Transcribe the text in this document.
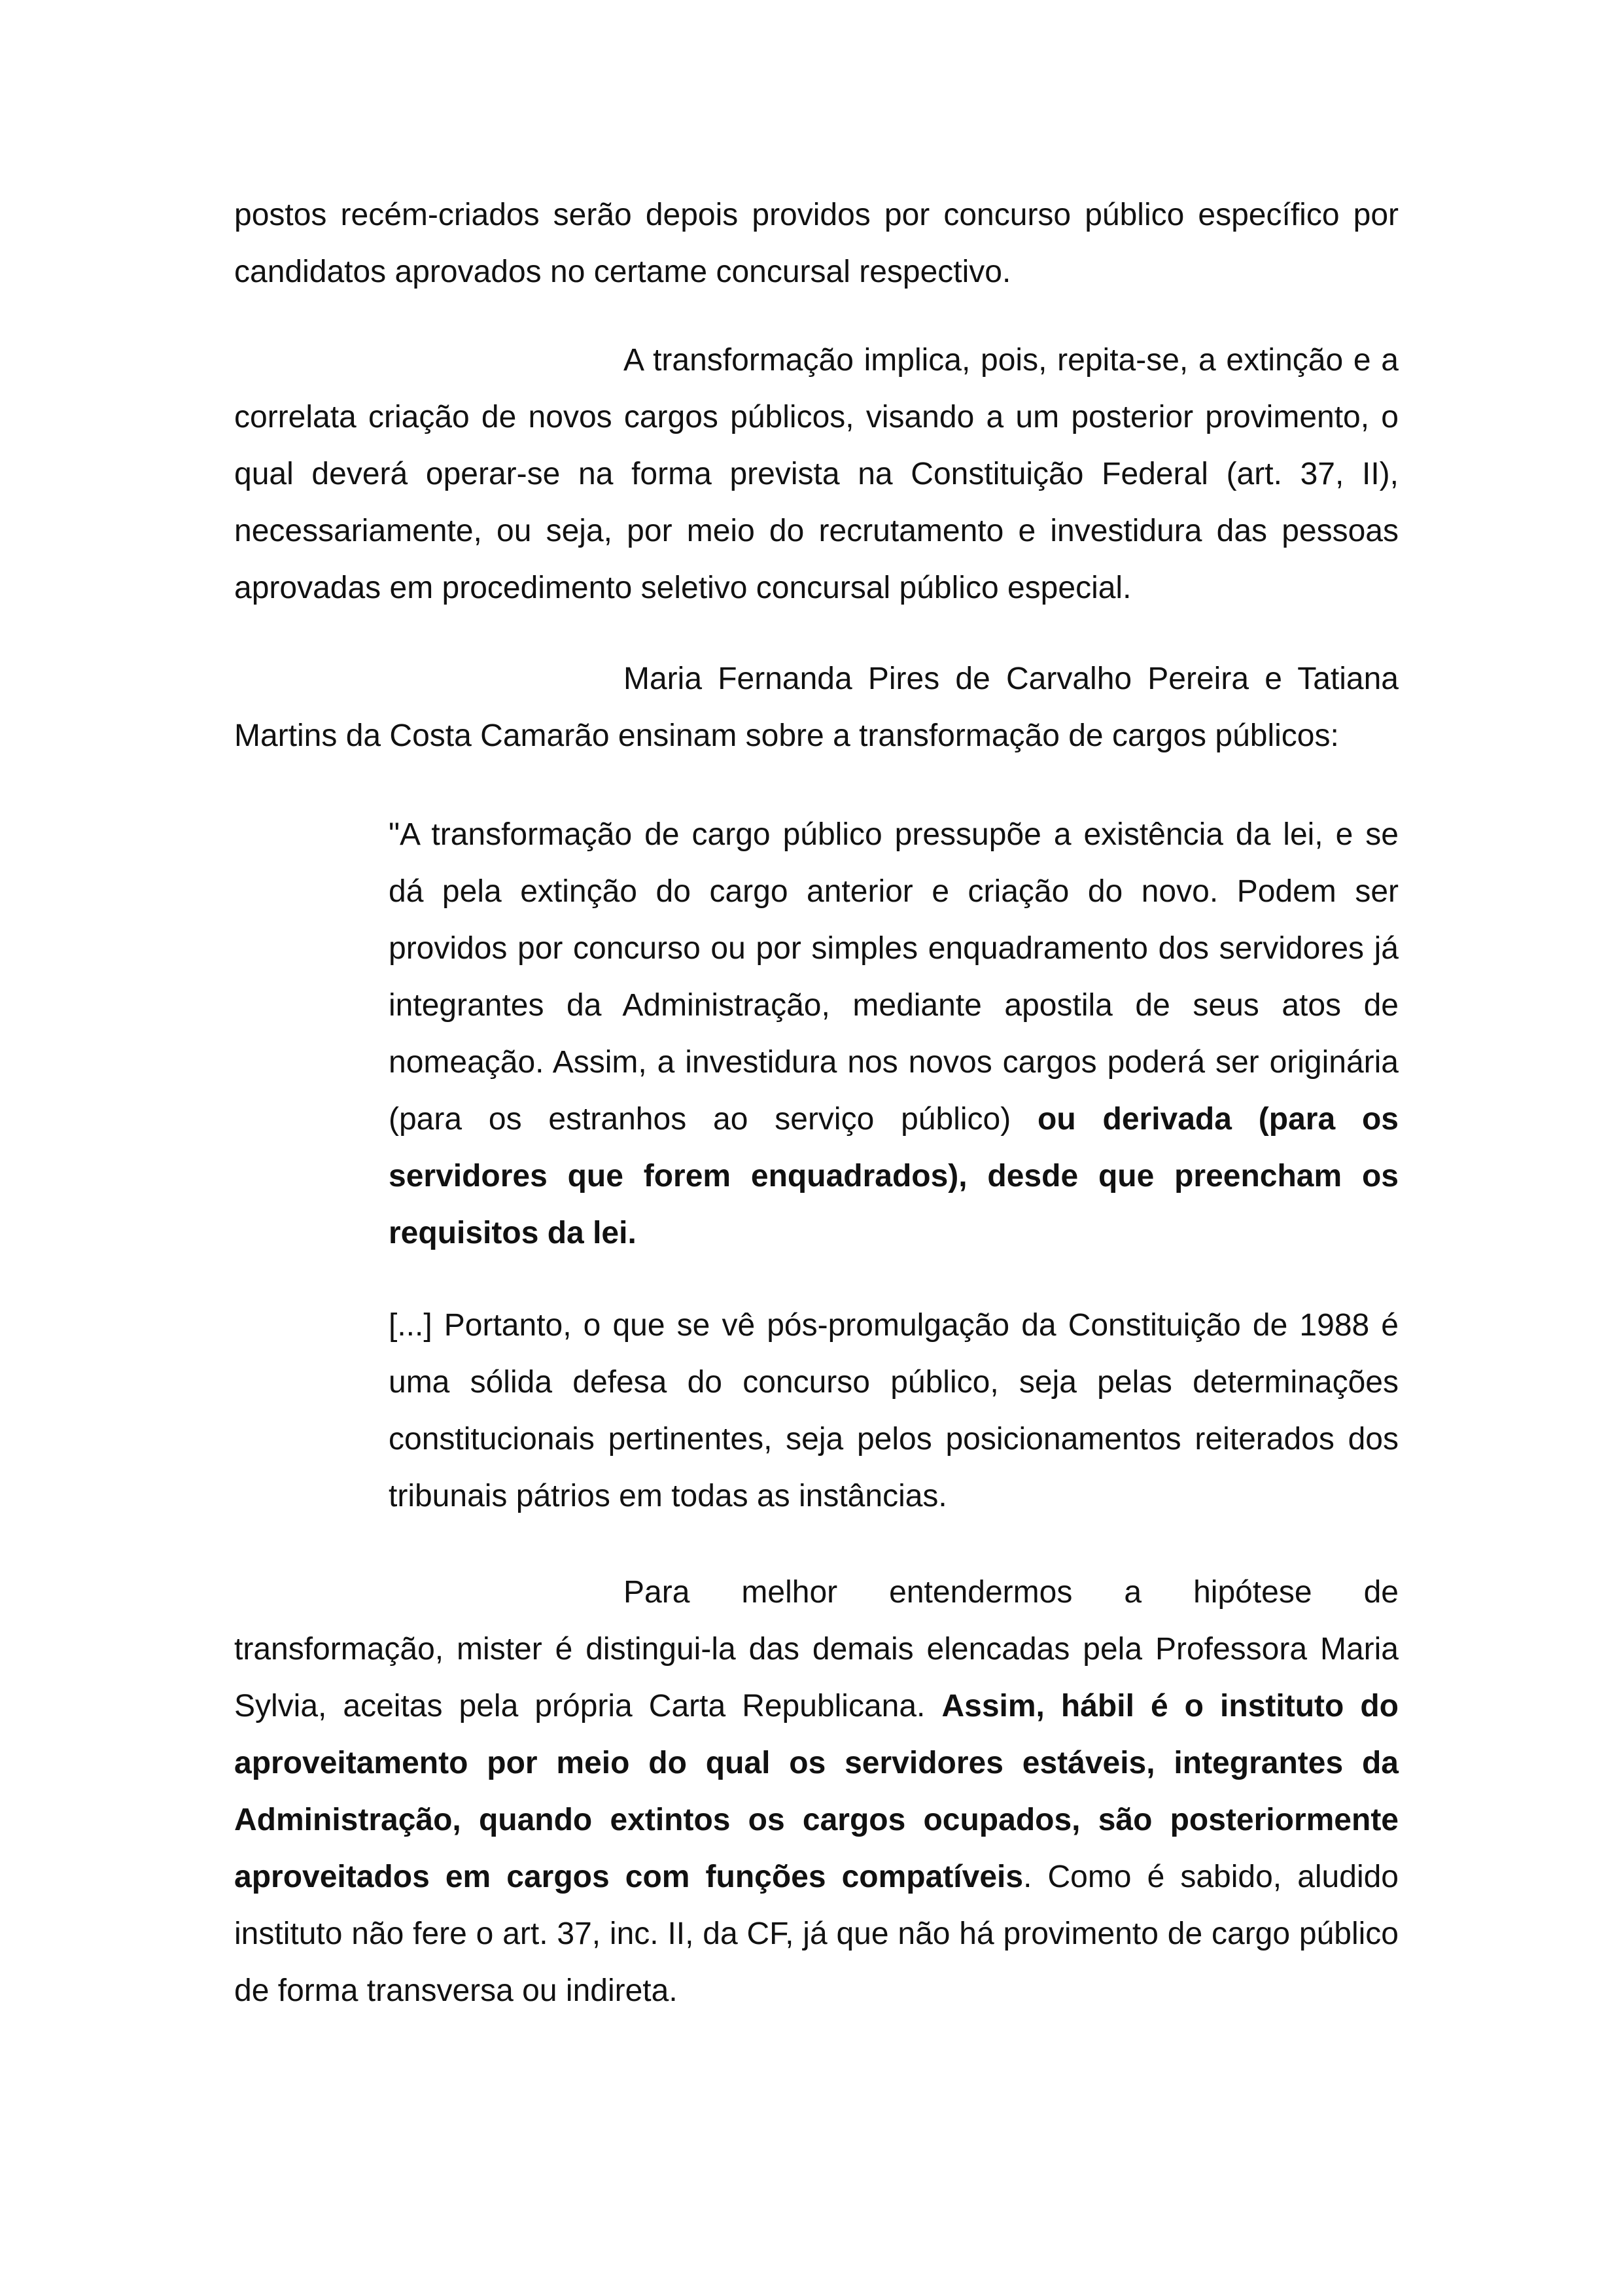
postos recém-criados serão depois providos por concurso público específico por candidatos aprovados no certame concursal respectivo.

A transformação implica, pois, repita-se, a extinção e a correlata criação de novos cargos públicos, visando a um posterior provimento, o qual deverá operar-se na forma prevista na Constituição Federal (art. 37, II), necessariamente, ou seja, por meio do recrutamento e investidura das pessoas aprovadas em procedimento seletivo concursal público especial.

Maria Fernanda Pires de Carvalho Pereira e Tatiana Martins da Costa Camarão ensinam sobre a transformação de cargos públicos:

"A transformação de cargo público pressupõe a existência da lei, e se dá pela extinção do cargo anterior e criação do novo. Podem ser providos por concurso ou por simples enquadramento dos servidores já integrantes da Administração, mediante apostila de seus atos de nomeação. Assim, a investidura nos novos cargos poderá ser originária (para os estranhos ao serviço público) ou derivada (para os servidores que forem enquadrados), desde que preencham os requisitos da lei.

[...] Portanto, o que se vê pós-promulgação da Constituição de 1988 é uma sólida defesa do concurso público, seja pelas determinações constitucionais pertinentes, seja pelos posicionamentos reiterados dos tribunais pátrios em todas as instâncias.

Para melhor entendermos a hipótese de transformação, mister é distingui-la das demais elencadas pela Professora Maria Sylvia, aceitas pela própria Carta Republicana. Assim, hábil é o instituto do aproveitamento por meio do qual os servidores estáveis, integrantes da Administração, quando extintos os cargos ocupados, são posteriormente aproveitados em cargos com funções compatíveis. Como é sabido, aludido instituto não fere o art. 37, inc. II, da CF, já que não há provimento de cargo público de forma transversa ou indireta.
